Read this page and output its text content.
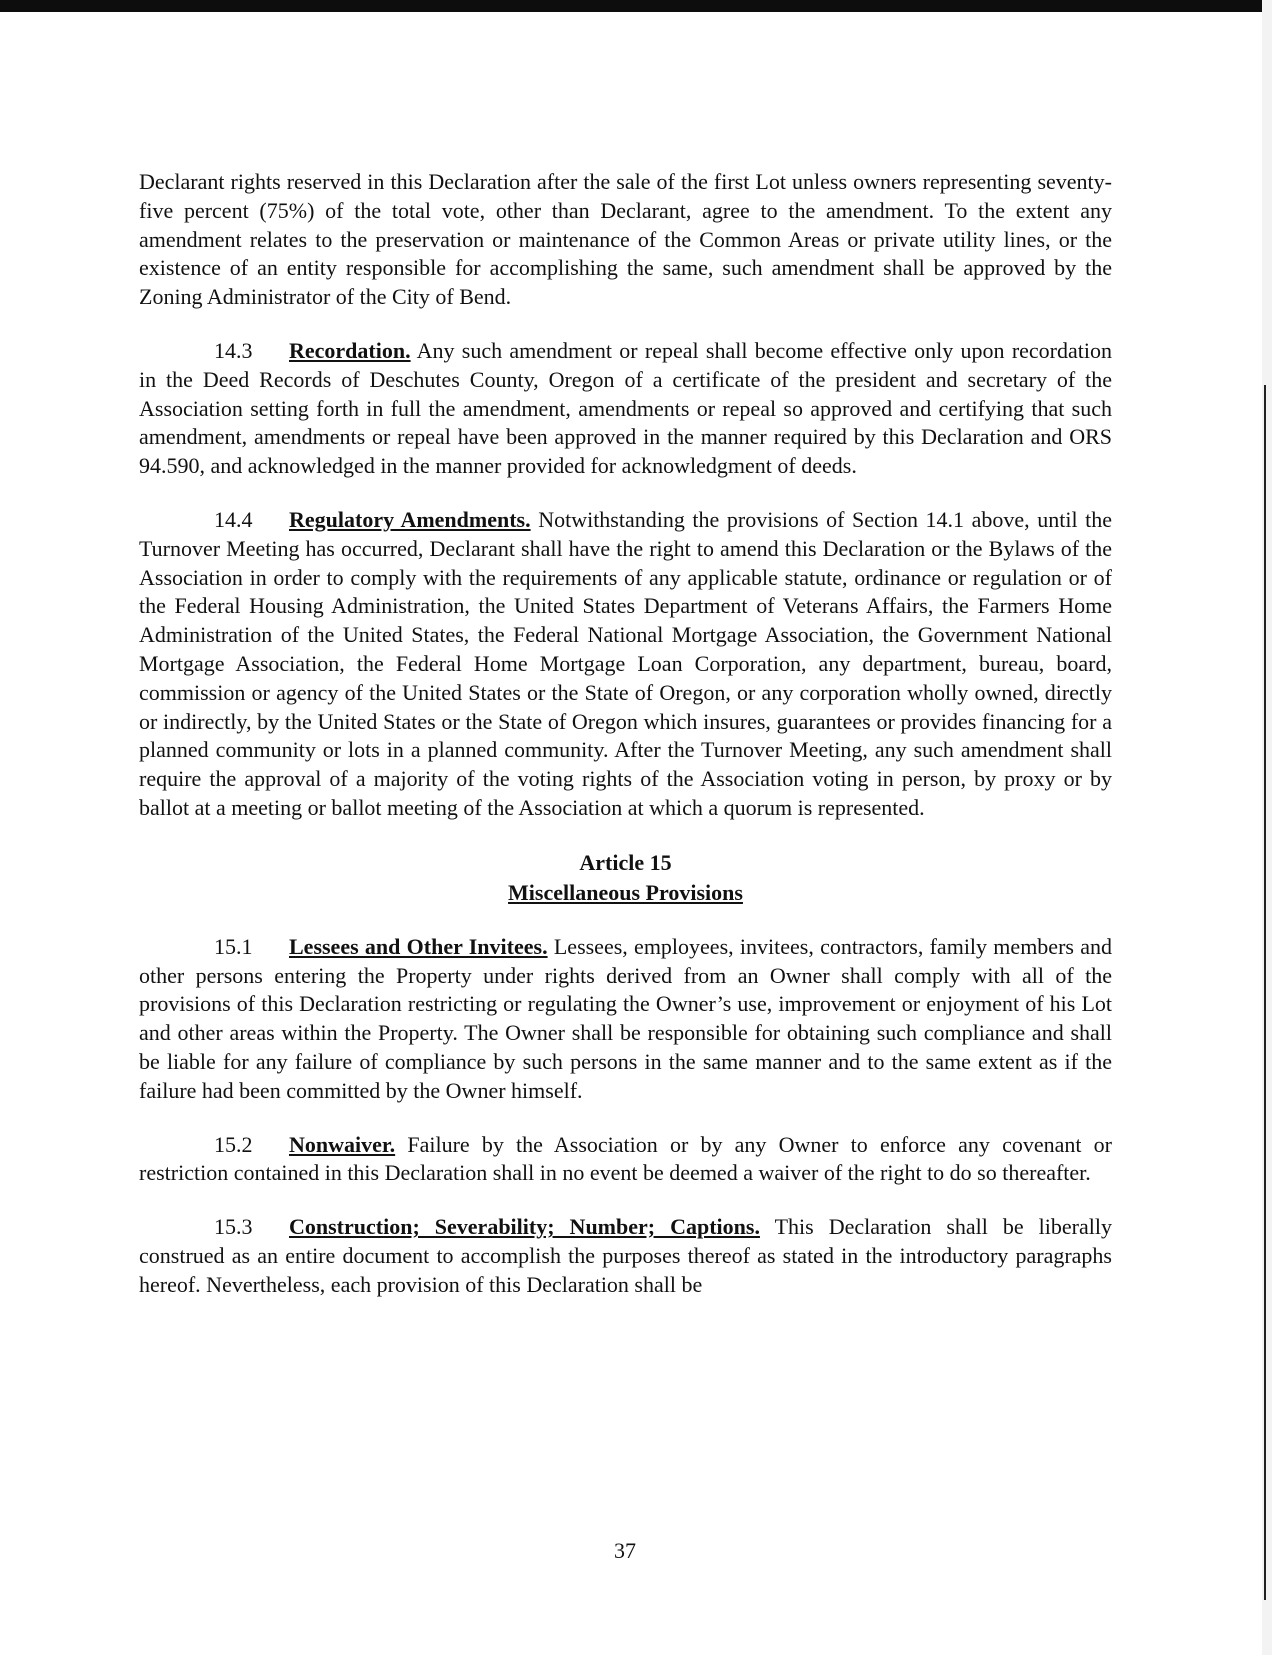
Declarant rights reserved in this Declaration after the sale of the first Lot unless owners representing seventy-five percent (75%) of the total vote, other than Declarant, agree to the amendment. To the extent any amendment relates to the preservation or maintenance of the Common Areas or private utility lines, or the existence of an entity responsible for accomplishing the same, such amendment shall be approved by the Zoning Administrator of the City of Bend.

14.3 Recordation. Any such amendment or repeal shall become effective only upon recordation in the Deed Records of Deschutes County, Oregon of a certificate of the president and secretary of the Association setting forth in full the amendment, amendments or repeal so approved and certifying that such amendment, amendments or repeal have been approved in the manner required by this Declaration and ORS 94.590, and acknowledged in the manner provided for acknowledgment of deeds.

14.4 Regulatory Amendments. Notwithstanding the provisions of Section 14.1 above, until the Turnover Meeting has occurred, Declarant shall have the right to amend this Declaration or the Bylaws of the Association in order to comply with the requirements of any applicable statute, ordinance or regulation or of the Federal Housing Administration, the United States Department of Veterans Affairs, the Farmers Home Administration of the United States, the Federal National Mortgage Association, the Government National Mortgage Association, the Federal Home Mortgage Loan Corporation, any department, bureau, board, commission or agency of the United States or the State of Oregon, or any corporation wholly owned, directly or indirectly, by the United States or the State of Oregon which insures, guarantees or provides financing for a planned community or lots in a planned community. After the Turnover Meeting, any such amendment shall require the approval of a majority of the voting rights of the Association voting in person, by proxy or by ballot at a meeting or ballot meeting of the Association at which a quorum is represented.

Article 15
Miscellaneous Provisions

15.1 Lessees and Other Invitees. Lessees, employees, invitees, contractors, family members and other persons entering the Property under rights derived from an Owner shall comply with all of the provisions of this Declaration restricting or regulating the Owner’s use, improvement or enjoyment of his Lot and other areas within the Property. The Owner shall be responsible for obtaining such compliance and shall be liable for any failure of compliance by such persons in the same manner and to the same extent as if the failure had been committed by the Owner himself.

15.2 Nonwaiver. Failure by the Association or by any Owner to enforce any covenant or restriction contained in this Declaration shall in no event be deemed a waiver of the right to do so thereafter.

15.3 Construction; Severability; Number; Captions. This Declaration shall be liberally construed as an entire document to accomplish the purposes thereof as stated in the introductory paragraphs hereof. Nevertheless, each provision of this Declaration shall be

37
